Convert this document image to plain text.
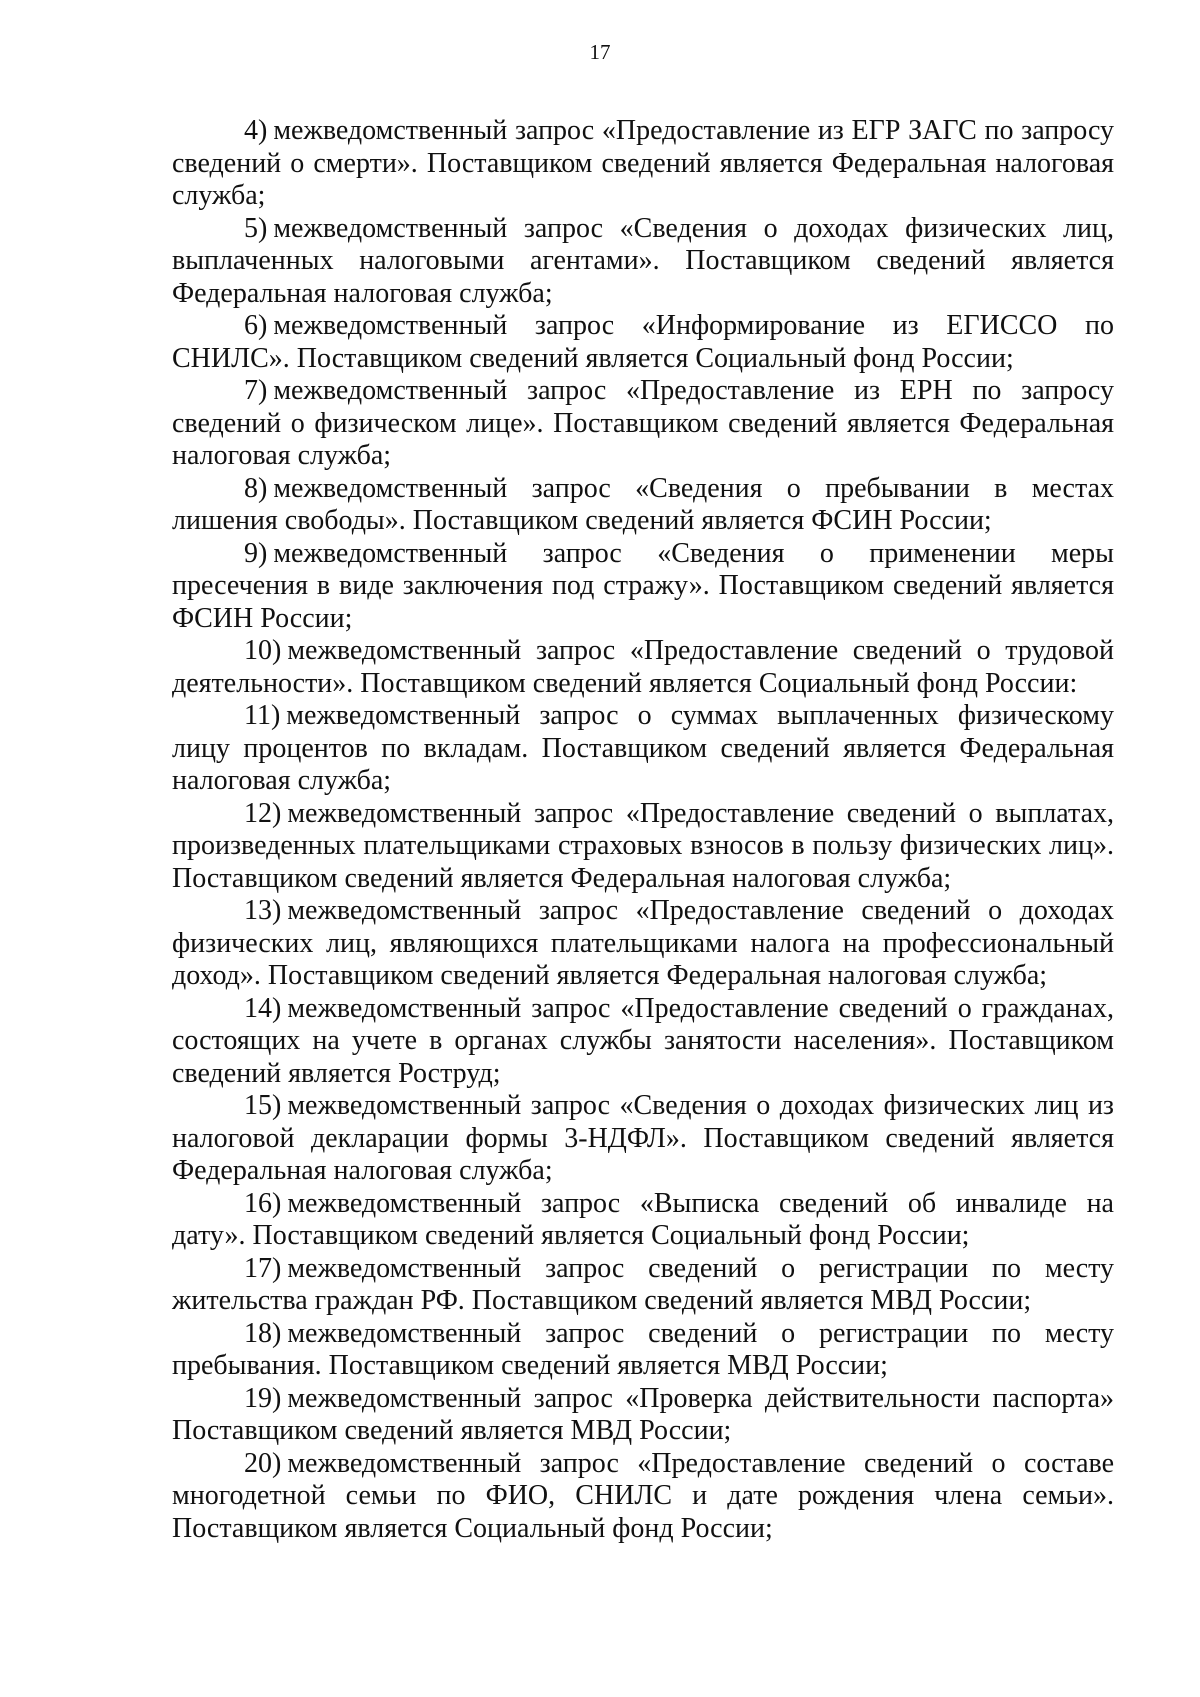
17

4) межведомственный запрос «Предоставление из ЕГР ЗАГС по запросу сведений о смерти». Поставщиком сведений является Федеральная налоговая служба;

5) межведомственный запрос «Сведения о доходах физических лиц, выплаченных налоговыми агентами». Поставщиком сведений является Федеральная налоговая служба;

6) межведомственный запрос «Информирование из ЕГИССО по СНИЛС». Поставщиком сведений является Социальный фонд России;

7) межведомственный запрос «Предоставление из ЕРН по запросу сведений о физическом лице». Поставщиком сведений является Федеральная налоговая служба;

8) межведомственный запрос «Сведения о пребывании в местах лишения свободы». Поставщиком сведений является ФСИН России;

9) межведомственный запрос «Сведения о применении меры пресечения в виде заключения под стражу». Поставщиком сведений является ФСИН России;

10) межведомственный запрос «Предоставление сведений о трудовой деятельности». Поставщиком сведений является Социальный фонд России:

11) межведомственный запрос о суммах выплаченных физическому лицу процентов по вкладам. Поставщиком сведений является Федеральная налоговая служба;

12) межведомственный запрос «Предоставление сведений о выплатах, произведенных плательщиками страховых взносов в пользу физических лиц». Поставщиком сведений является Федеральная налоговая служба;

13) межведомственный запрос «Предоставление сведений о доходах физических лиц, являющихся плательщиками налога на профессиональный доход». Поставщиком сведений является Федеральная налоговая служба;

14) межведомственный запрос «Предоставление сведений о гражданах, состоящих на учете в органах службы занятости населения». Поставщиком сведений является Роструд;

15) межведомственный запрос «Сведения о доходах физических лиц из налоговой декларации формы 3-НДФЛ». Поставщиком сведений является Федеральная налоговая служба;

16) межведомственный запрос «Выписка сведений об инвалиде на дату». Поставщиком сведений является Социальный фонд России;

17) межведомственный запрос сведений о регистрации по месту жительства граждан РФ. Поставщиком сведений является МВД России;

18) межведомственный запрос сведений о регистрации по месту пребывания. Поставщиком сведений является МВД России;

19) межведомственный запрос «Проверка действительности паспорта» Поставщиком сведений является МВД России;

20) межведомственный запрос «Предоставление сведений о составе многодетной семьи по ФИО, СНИЛС и дате рождения члена семьи». Поставщиком является Социальный фонд России;
